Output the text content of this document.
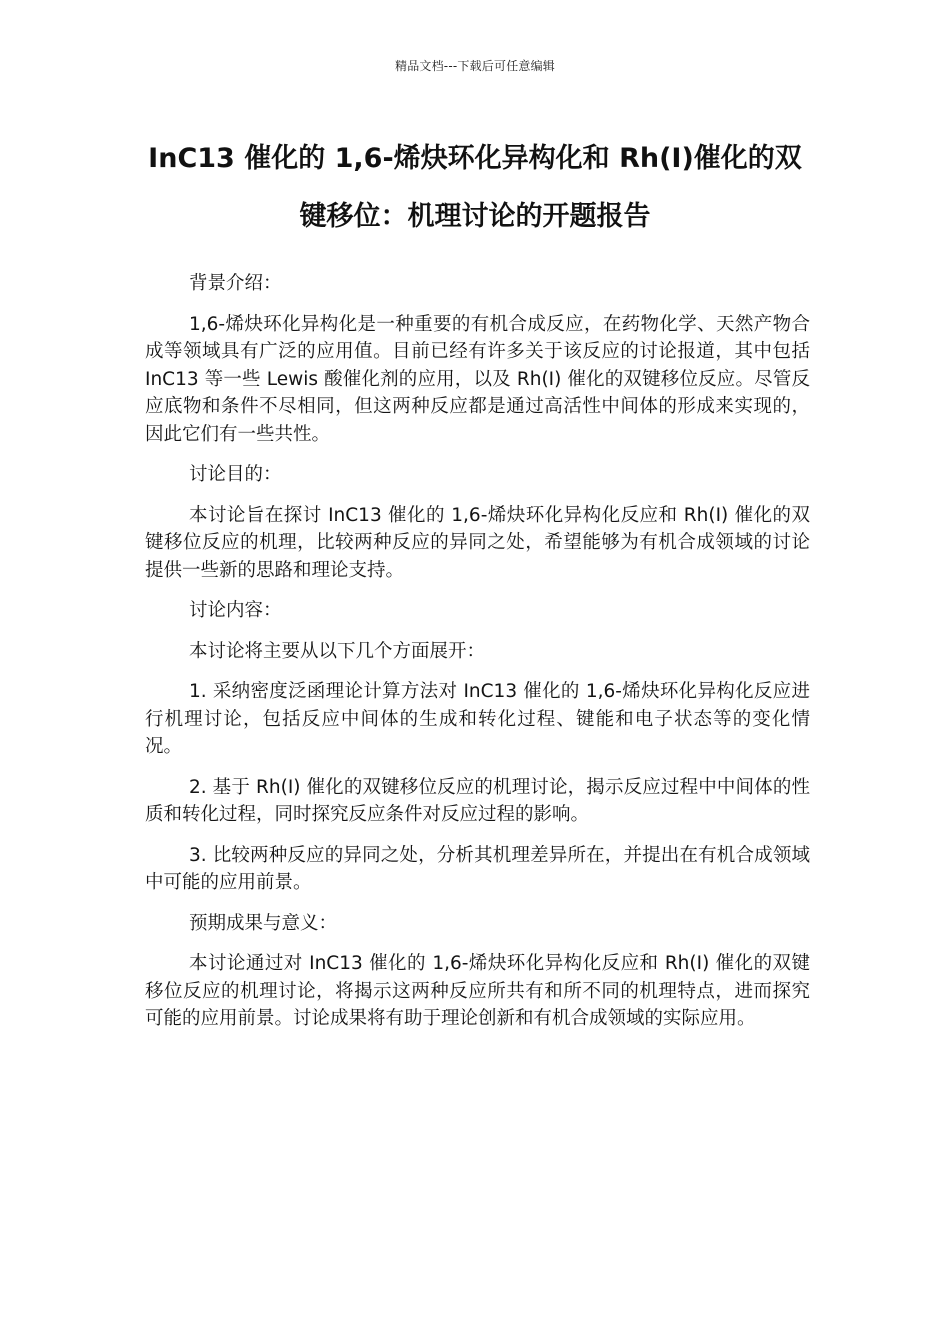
精品文档---下载后可任意编辑
InC13 催化的 1,6-烯炔环化异构化和 Rh(I)催化的双
键移位：机理讨论的开题报告

背景介绍：

1,6-烯炔环化异构化是一种重要的有机合成反应，在药物化学、天然产物合成等领域具有广泛的应用值。目前已经有许多关于该反应的讨论报道，其中包括 InC13 等一些 Lewis 酸催化剂的应用，以及 Rh(I) 催化的双键移位反应。尽管反应底物和条件不尽相同，但这两种反应都是通过高活性中间体的形成来实现的，因此它们有一些共性。

讨论目的：

本讨论旨在探讨 InC13 催化的 1,6-烯炔环化异构化反应和 Rh(I) 催化的双键移位反应的机理，比较两种反应的异同之处，希望能够为有机合成领域的讨论提供一些新的思路和理论支持。

讨论内容：

本讨论将主要从以下几个方面展开：

1. 采纳密度泛函理论计算方法对 InC13 催化的 1,6-烯炔环化异构化反应进行机理讨论，包括反应中间体的生成和转化过程、键能和电子状态等的变化情况。

2. 基于 Rh(I) 催化的双键移位反应的机理讨论，揭示反应过程中中间体的性质和转化过程，同时探究反应条件对反应过程的影响。

3. 比较两种反应的异同之处，分析其机理差异所在，并提出在有机合成领域中可能的应用前景。

预期成果与意义：

本讨论通过对 InC13 催化的 1,6-烯炔环化异构化反应和 Rh(I) 催化的双键移位反应的机理讨论，将揭示这两种反应所共有和所不同的机理特点，进而探究可能的应用前景。讨论成果将有助于理论创新和有机合成领域的实际应用。
